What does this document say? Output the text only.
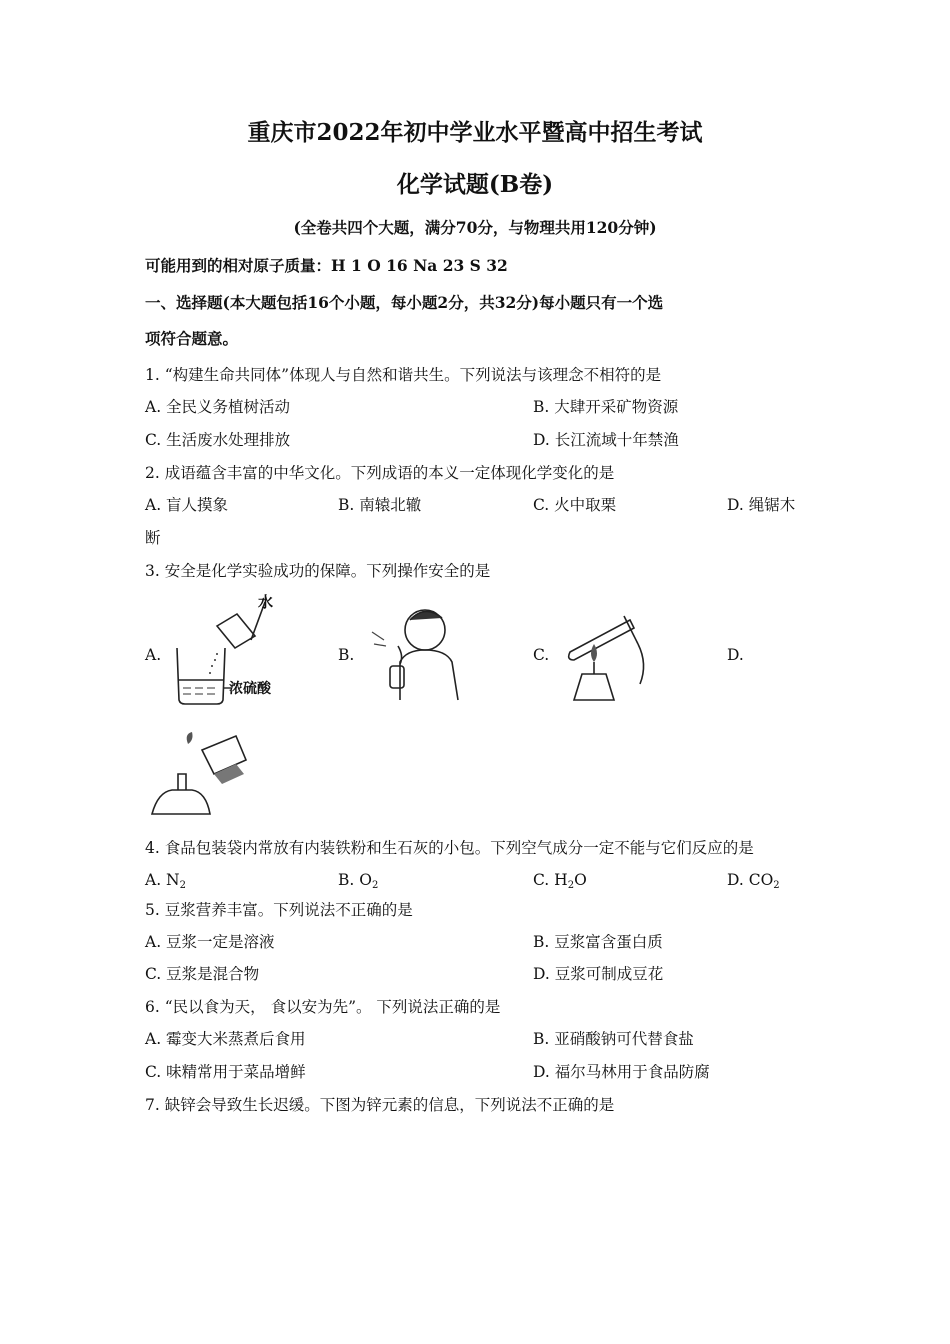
重庆市2022年初中学业水平暨高中招生考试
化学试题(B卷)
(全卷共四个大题，满分70分，与物理共用120分钟)
可能用到的相对原子质量：H 1 O 16 Na 23 S 32
一、选择题(本大题包括16个小题，每小题2分，共32分)每小题只有一个选
项符合题意。
1. “构建生命共同体”体现人与自然和谐共生。下列说法与该理念不相符的是
A. 全民义务植树活动	B. 大肆开采矿物资源
C. 生活废水处理排放	D. 长江流域十年禁渔
2. 成语蕴含丰富的中华文化。下列成语的本义一定体现化学变化的是
A. 盲人摸象	B. 南辕北辙	C. 火中取栗	D. 绳锯木
断
3. 安全是化学实验成功的保障。下列操作安全的是
A.	B.	C.	D.
水
浓硫酸
4. 食品包装袋内常放有内装铁粉和生石灰的小包。下列空气成分一定不能与它们反应的是
A. $N_2$	B. $O_2$	C. $H_2O$	D. $CO_2$
5. 豆浆营养丰富。下列说法不正确的是
A. 豆浆一定是溶液	B. 豆浆富含蛋白质
C. 豆浆是混合物	D. 豆浆可制成豆花
6. “民以食为天， 食以安为先”。 下列说法正确的是
A. 霉变大米蒸煮后食用	B. 亚硝酸钠可代替食盐
C. 味精常用于菜品增鲜	D. 福尔马林用于食品防腐
7. 缺锌会导致生长迟缓。下图为锌元素的信息，下列说法不正确的是
